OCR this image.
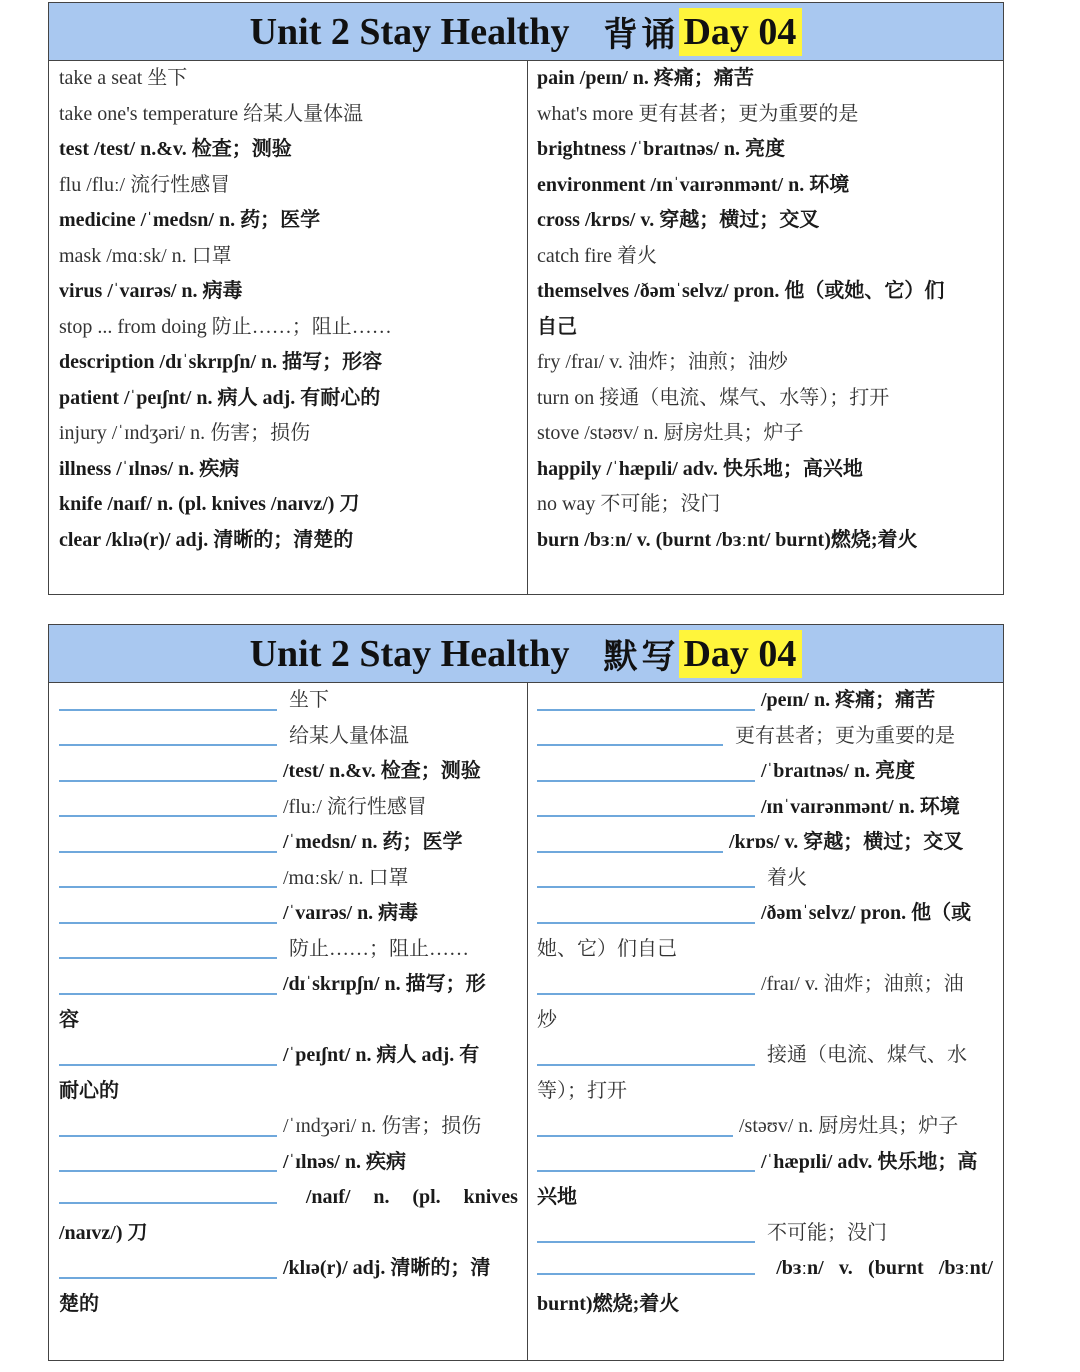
Unit 2 Stay Healthy 背诵 Day 04
take a seat 坐下
take one's temperature 给某人量体温
test /test/ n.&v. 检查；测验
flu /fluː/ 流行性感冒
medicine /ˈmedsn/ n. 药；医学
mask /mɑːsk/ n. 口罩
virus /ˈvaɪrəs/ n. 病毒
stop ... from doing 防止……；阻止……
description /dɪˈskrɪpʃn/ n. 描写；形容
patient /ˈpeɪʃnt/ n. 病人 adj. 有耐心的
injury /ˈɪndʒəri/ n. 伤害；损伤
illness /ˈɪlnəs/ n. 疾病
knife /naɪf/ n. (pl. knives /naɪvz/) 刀
clear /klɪə(r)/ adj. 清晰的；清楚的
pain /peɪn/ n. 疼痛；痛苦
what's more 更有甚者；更为重要的是
brightness /ˈbraɪtnəs/ n. 亮度
environment /ɪnˈvaɪrənmənt/ n. 环境
cross /krɒs/ v. 穿越；横过；交叉
catch fire 着火
themselves /ðəmˈselvz/ pron. 他（或她、它）们
自己
fry /fraɪ/ v. 油炸；油煎；油炒
turn on 接通（电流、煤气、水等）；打开
stove /stəʊv/ n. 厨房灶具；炉子
happily /ˈhæpɪli/ adv. 快乐地；高兴地
no way 不可能；没门
burn /bɜːn/ v. (burnt /bɜːnt/ burnt)燃烧;着火
Unit 2 Stay Healthy 默写 Day 04
坐下
给某人量体温
/test/ n.&v. 检查；测验
/fluː/ 流行性感冒
/ˈmedsn/ n. 药；医学
/mɑːsk/ n. 口罩
/ˈvaɪrəs/ n. 病毒
防止……；阻止……
/dɪˈskrɪpʃn/ n. 描写；形
容
/ˈpeɪʃnt/ n. 病人 adj. 有
耐心的
/ˈɪndʒəri/ n. 伤害；损伤
/ˈɪlnəs/ n. 疾病
/naɪf/ n. (pl. knives
/naɪvz/) 刀
/klɪə(r)/ adj. 清晰的；清
楚的
/peɪn/ n. 疼痛；痛苦
更有甚者；更为重要的是
/ˈbraɪtnəs/ n. 亮度
/ɪnˈvaɪrənmənt/ n. 环境
/krɒs/ v. 穿越；横过；交叉
着火
/ðəmˈselvz/ pron. 他（或
她、它）们自己
/fraɪ/ v. 油炸；油煎；油
炒
接通（电流、煤气、水
等）；打开
/stəʊv/ n. 厨房灶具；炉子
/ˈhæpɪli/ adv. 快乐地；高
兴地
不可能；没门
/bɜːn/ v. (burnt /bɜːnt/
burnt)燃烧;着火
